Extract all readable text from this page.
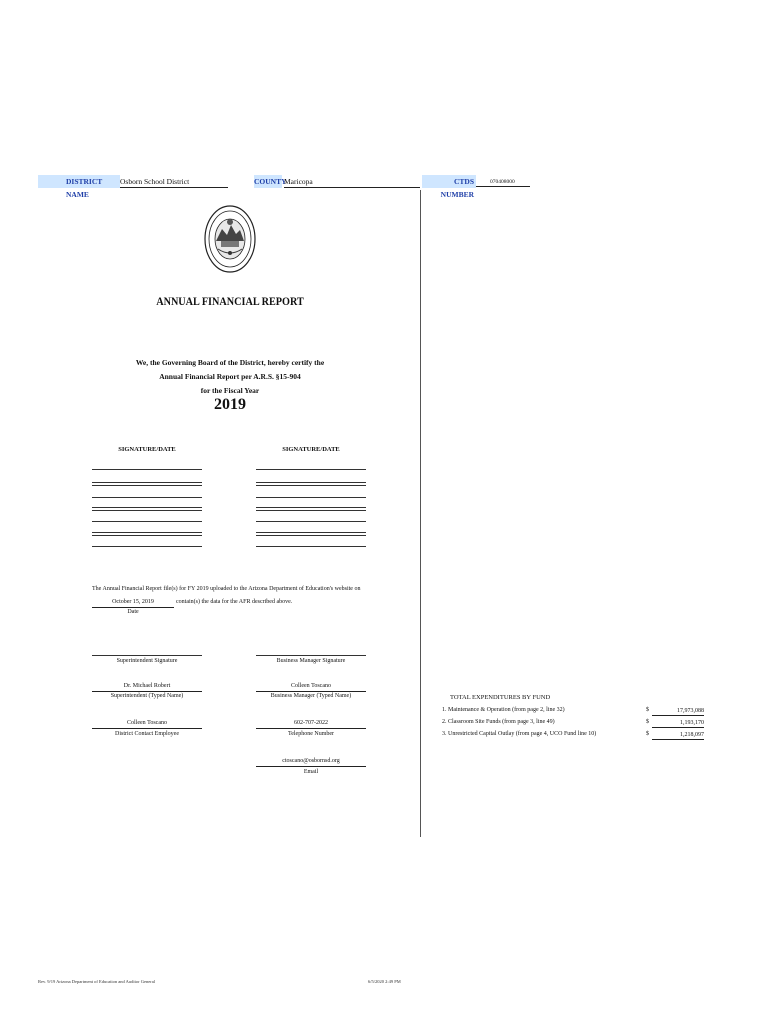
DISTRICT NAME
Osborn School District	COUNTY
Maricopa	CTDS NUMBER
070408000
ANNUAL FINANCIAL REPORT
We, the Governing Board of the District, hereby certify the
Annual Financial Report per A.R.S. §15-904
for the Fiscal Year
2019
SIGNATURE/DATE	SIGNATURE/DATE
The Annual Financial Report file(s) for FY 2019 uploaded to the Arizona Department of Education's website on
October 15, 2019	contain(s) the data for the AFR described above.
Date
Superintendent Signature	Business Manager Signature
Dr. Michael Robert
Superintendent (Typed Name)
Colleen Toscano
Business Manager (Typed Name)
Colleen Toscano
District Contact Employee
602-707-2022
Telephone Number
ctoscano@osbornsd.org
Email
TOTAL EXPENDITURES BY FUND
1. Maintenance & Operation (from page 2, line 32)	$	17,973,088
2. Classroom Site Funds (from page 3, line 49)	$	1,193,170
3. Unrestricted Capital Outlay (from page 4, UCO Fund line 10)	$	1,218,097
Rev. 9/19 Arizona Department of Education and Auditor General	6/5/2020 2:49 PM
